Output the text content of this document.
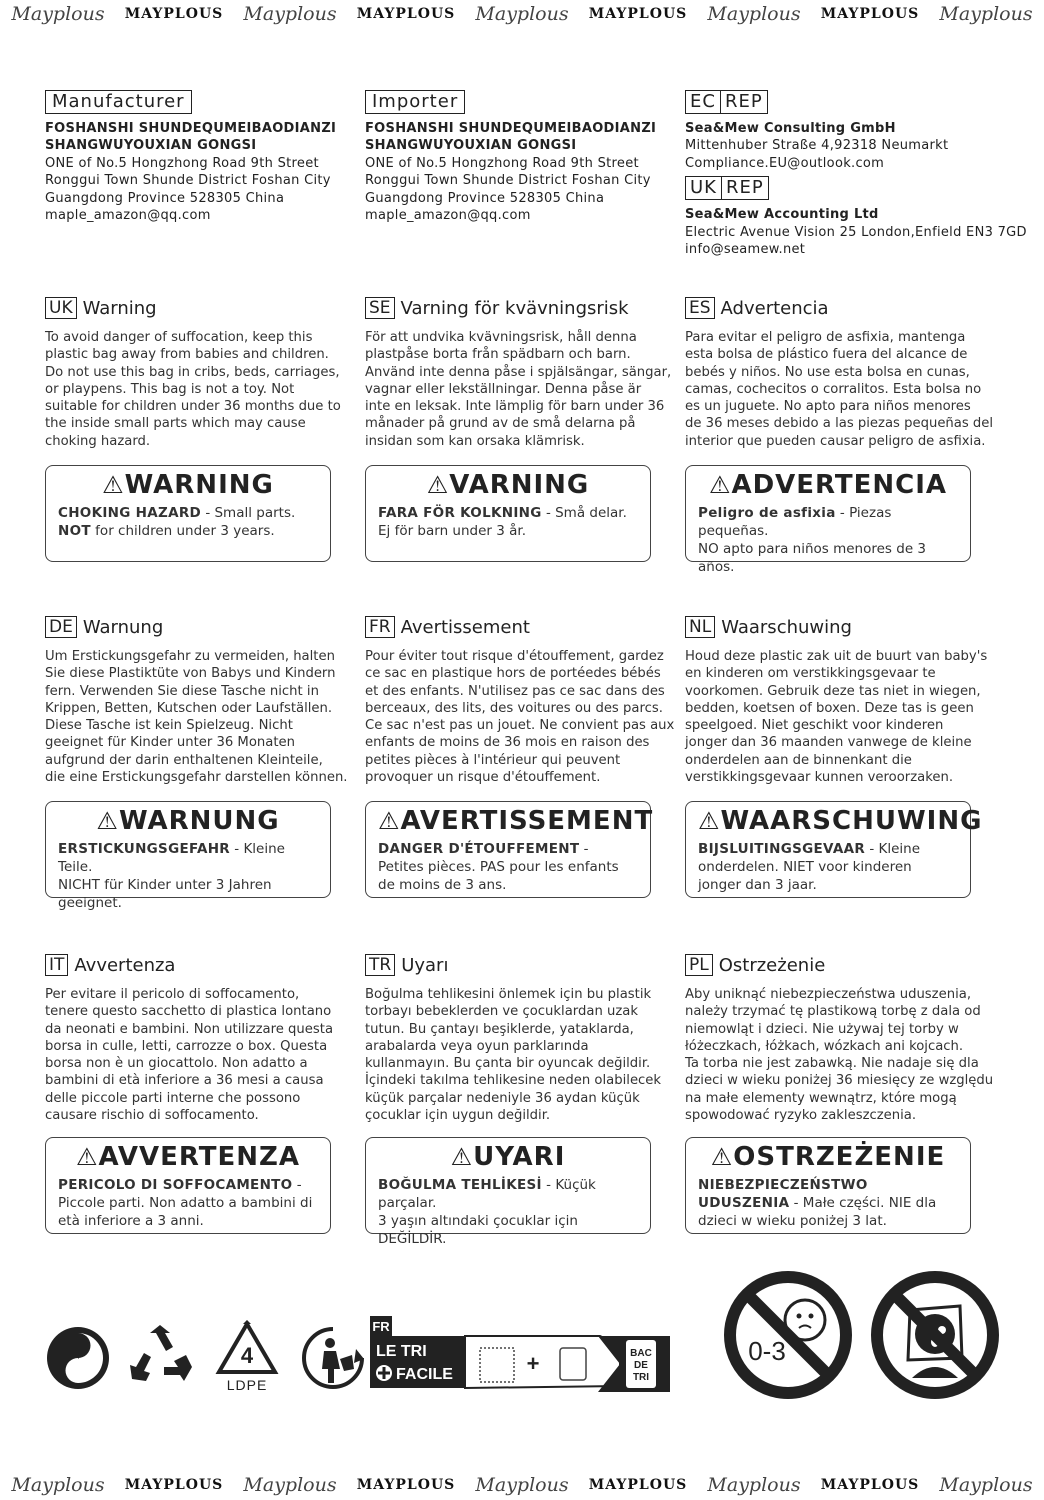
Mayplous	MAYPLOUS	Mayplous	MAYPLOUS	Mayplous	MAYPLOUS	Mayplous	MAYPLOUS	Mayplous
Manufacturer
FOSHANSHI SHUNDEQUMEIBAODIANZI
SHANGWUYOUXIAN GONGSI
ONE of No.5 Hongzhong Road 9th Street
Ronggui Town Shunde District Foshan City
Guangdong Province 528305 China
maple_amazon@qq.com
Importer
FOSHANSHI SHUNDEQUMEIBAODIANZI
SHANGWUYOUXIAN GONGSI
ONE of No.5 Hongzhong Road 9th Street
Ronggui Town Shunde District Foshan City
Guangdong Province 528305 China
maple_amazon@qq.com
EC REP
Sea&Mew Consulting GmbH
Mittenhuber Straße 4,92318 Neumarkt
Compliance.EU@outlook.com
UK REP
Sea&Mew Accounting Ltd
Electric Avenue Vision 25 London,Enfield EN3 7GD
info@seamew.net
UK Warning
To avoid danger of suffocation, keep this
plastic bag away from babies and children.
Do not use this bag in cribs, beds, carriages,
or playpens. This bag is not a toy. Not
suitable for children under 36 months due to
the inside small parts which may cause
choking hazard.
⚠WARNING
CHOKING HAZARD - Small parts.
NOT for children under 3 years.
SE Varning för kvävningsrisk
För att undvika kvävningsrisk, håll denna
plastpåse borta från spädbarn och barn.
Använd inte denna påse i spjälsängar, sängar,
vagnar eller lekställningar. Denna påse är
inte en leksak. Inte lämplig för barn under 36
månader på grund av de små delarna på
insidan som kan orsaka klämrisk.
⚠VARNING
FARA FÖR KOLKNING - Små delar.
Ej för barn under 3 år.
ES Advertencia
Para evitar el peligro de asfixia, mantenga
esta bolsa de plástico fuera del alcance de
bebés y niños. No use esta bolsa en cunas,
camas, cochecitos o corralitos. Esta bolsa no
es un juguete. No apto para niños menores
de 36 meses debido a las piezas pequeñas del
interior que pueden causar peligro de asfixia.
⚠ADVERTENCIA
Peligro de asfixia - Piezas pequeñas.
NO apto para niños menores de 3 años.
DE Warnung
Um Erstickungsgefahr zu vermeiden, halten
Sie diese Plastiktüte von Babys und Kindern
fern. Verwenden Sie diese Tasche nicht in
Krippen, Betten, Kutschen oder Laufställen.
Diese Tasche ist kein Spielzeug. Nicht
geeignet für Kinder unter 36 Monaten
aufgrund der darin enthaltenen Kleinteile,
die eine Erstickungsgefahr darstellen können.
⚠WARNUNG
ERSTICKUNGSGEFAHR - Kleine Teile.
NICHT für Kinder unter 3 Jahren geeignet.
FR Avertissement
Pour éviter tout risque d'étouffement, gardez
ce sac en plastique hors de portéedes bébés
et des enfants. N'utilisez pas ce sac dans des
berceaux, des lits, des voitures ou des parcs.
Ce sac n'est pas un jouet. Ne convient pas aux
enfants de moins de 36 mois en raison des
petites pièces à l'intérieur qui peuvent
provoquer un risque d'étouffement.
⚠AVERTISSEMENT
DANGER D'ÉTOUFFEMENT - Petites pièces. PAS pour les enfants de moins de 3 ans.
NL Waarschuwing
Houd deze plastic zak uit de buurt van baby's
en kinderen om verstikkingsgevaar te
voorkomen. Gebruik deze tas niet in wiegen,
bedden, koetsen of boxen. Deze tas is geen
speelgoed. Niet geschikt voor kinderen
jonger dan 36 maanden vanwege de kleine
onderdelen aan de binnenkant die
verstikkingsgevaar kunnen veroorzaken.
⚠WAARSCHUWING
BIJSLUITINGSGEVAAR - Kleine onderdelen. NIET voor kinderen jonger dan 3 jaar.
IT Avvertenza
Per evitare il pericolo di soffocamento,
tenere questo sacchetto di plastica lontano
da neonati e bambini. Non utilizzare questa
borsa in culle, letti, carrozze o box. Questa
borsa non è un giocattolo. Non adatto a
bambini di età inferiore a 36 mesi a causa
delle piccole parti interne che possono
causare rischio di soffocamento.
⚠AVVERTENZA
PERICOLO DI SOFFOCAMENTO - Piccole parti. Non adatto a bambini di età inferiore a 3 anni.
TR Uyarı
Boğulma tehlikesini önlemek için bu plastik
torbayı bebeklerden ve çocuklardan uzak
tutun. Bu çantayı beşiklerde, yataklarda,
arabalarda veya oyun parklarında
kullanmayın. Bu çanta bir oyuncak değildir.
İçindeki takılma tehlikesine neden olabilecek
küçük parçalar nedeniyle 36 aydan küçük
çocuklar için uygun değildir.
⚠UYARI
BOĞULMA TEHLİKESİ - Küçük parçalar.
3 yaşın altındaki çocuklar için DEĞİLDİR.
PL Ostrzeżenie
Aby uniknąć niebezpieczeństwa uduszenia,
należy trzymać tę plastikową torbę z dala od
niemowląt i dzieci. Nie używaj tej torby w
łóżeczkach, łóżkach, wózkach ani kojcach.
Ta torba nie jest zabawką. Nie nadaje się dla
dzieci w wieku poniżej 36 miesięcy ze względu
na małe elementy wewnątrz, które mogą
spowodować ryzyko zakleszczenia.
⚠OSTRZEŻENIE
NIEBEZPIECZEŃSTWO UDUSZENIA - Małe części. NIE dla dzieci w wieku poniżej 3 lat.
4
LDPE
FR
LE TRI
FACILE	+	BAC
DE
TRI
0-3
Mayplous	MAYPLOUS	Mayplous	MAYPLOUS	Mayplous	MAYPLOUS	Mayplous	MAYPLOUS	Mayplous
